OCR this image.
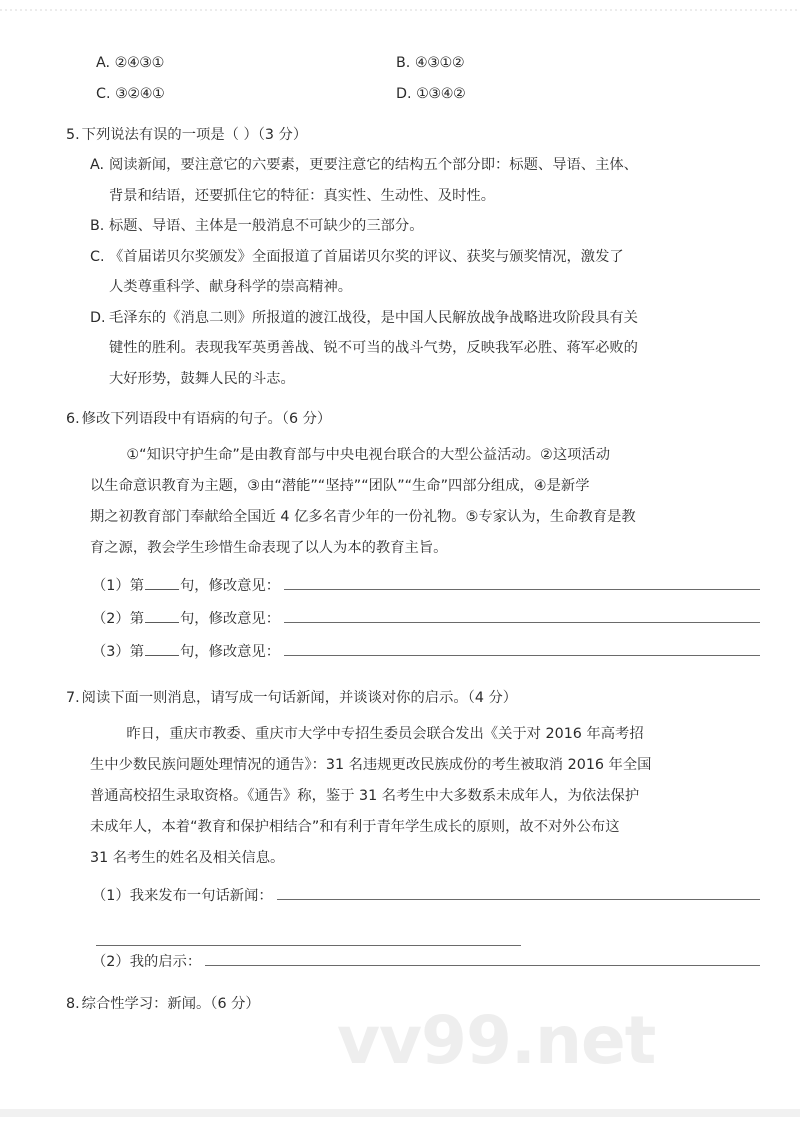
A. ②④③①	B. ④③①②
C. ③②④①	D. ①③④②
5. 下列说法有误的一项是（ ）（3 分）
A. 阅读新闻，要注意它的六要素，更要注意它的结构五个部分即：标题、导语、主体、
背景和结语，还要抓住它的特征：真实性、生动性、及时性。
B. 标题、导语、主体是一般消息不可缺少的三部分。
C. 《首届诺贝尔奖颁发》全面报道了首届诺贝尔奖的评议、获奖与颁奖情况，激发了
人类尊重科学、献身科学的崇高精神。
D. 毛泽东的《消息二则》所报道的渡江战役，是中国人民解放战争战略进攻阶段具有关
键性的胜利。表现我军英勇善战、锐不可当的战斗气势，反映我军必胜、蒋军必败的
大好形势，鼓舞人民的斗志。
6. 修改下列语段中有语病的句子。（6 分）
①“知识守护生命”是由教育部与中央电视台联合的大型公益活动。②这项活动
以生命意识教育为主题，③由“潜能”“坚持”“团队”“生命”四部分组成，④是新学
期之初教育部门奉献给全国近 4 亿多名青少年的一份礼物。⑤专家认为，生命教育是教
育之源，教会学生珍惜生命表现了以人为本的教育主旨。
（1） 第	句，修改意见：
（2） 第	句，修改意见：
（3） 第	句，修改意见：
7. 阅读下面一则消息，请写成一句话新闻，并谈谈对你的启示。（4 分）
昨日，重庆市教委、重庆市大学中专招生委员会联合发出《关于对 2016 年高考招
生中少数民族问题处理情况的通告》：31 名违规更改民族成份的考生被取消 2016 年全国
普通高校招生录取资格。《通告》称，鉴于 31 名考生中大多数系未成年人，为依法保护
未成年人，本着“教育和保护相结合”和有利于青年学生成长的原则，故不对外公布这
31 名考生的姓名及相关信息。
（1） 我来发布一句话新闻：
（2） 我的启示：
8. 综合性学习：新闻。（6 分）	vv99.net
